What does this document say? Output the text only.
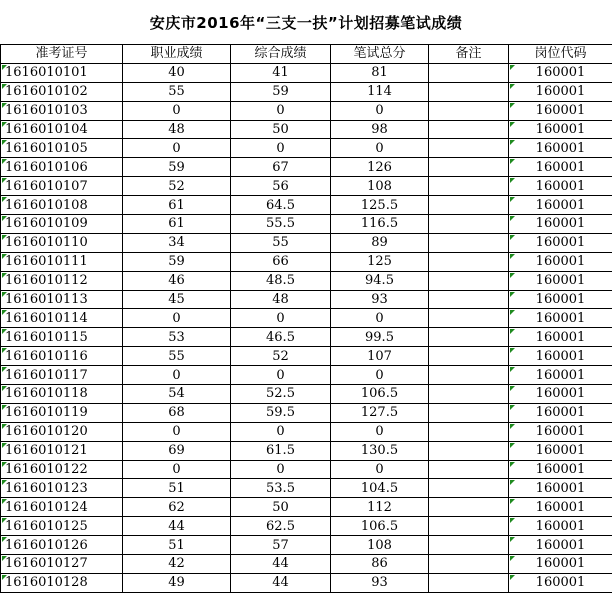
安庆市2016年“三支一扶”计划招募笔试成绩
准考证号	职业成绩	综合成绩	笔试总分	备注	岗位代码
1616010101	40	41	81		160001
1616010102	55	59	114		160001
1616010103	0	0	0		160001
1616010104	48	50	98		160001
1616010105	0	0	0		160001
1616010106	59	67	126		160001
1616010107	52	56	108		160001
1616010108	61	64.5	125.5		160001
1616010109	61	55.5	116.5		160001
1616010110	34	55	89		160001
1616010111	59	66	125		160001
1616010112	46	48.5	94.5		160001
1616010113	45	48	93		160001
1616010114	0	0	0		160001
1616010115	53	46.5	99.5		160001
1616010116	55	52	107		160001
1616010117	0	0	0		160001
1616010118	54	52.5	106.5		160001
1616010119	68	59.5	127.5		160001
1616010120	0	0	0		160001
1616010121	69	61.5	130.5		160001
1616010122	0	0	0		160001
1616010123	51	53.5	104.5		160001
1616010124	62	50	112		160001
1616010125	44	62.5	106.5		160001
1616010126	51	57	108		160001
1616010127	42	44	86		160001
1616010128	49	44	93		160001
